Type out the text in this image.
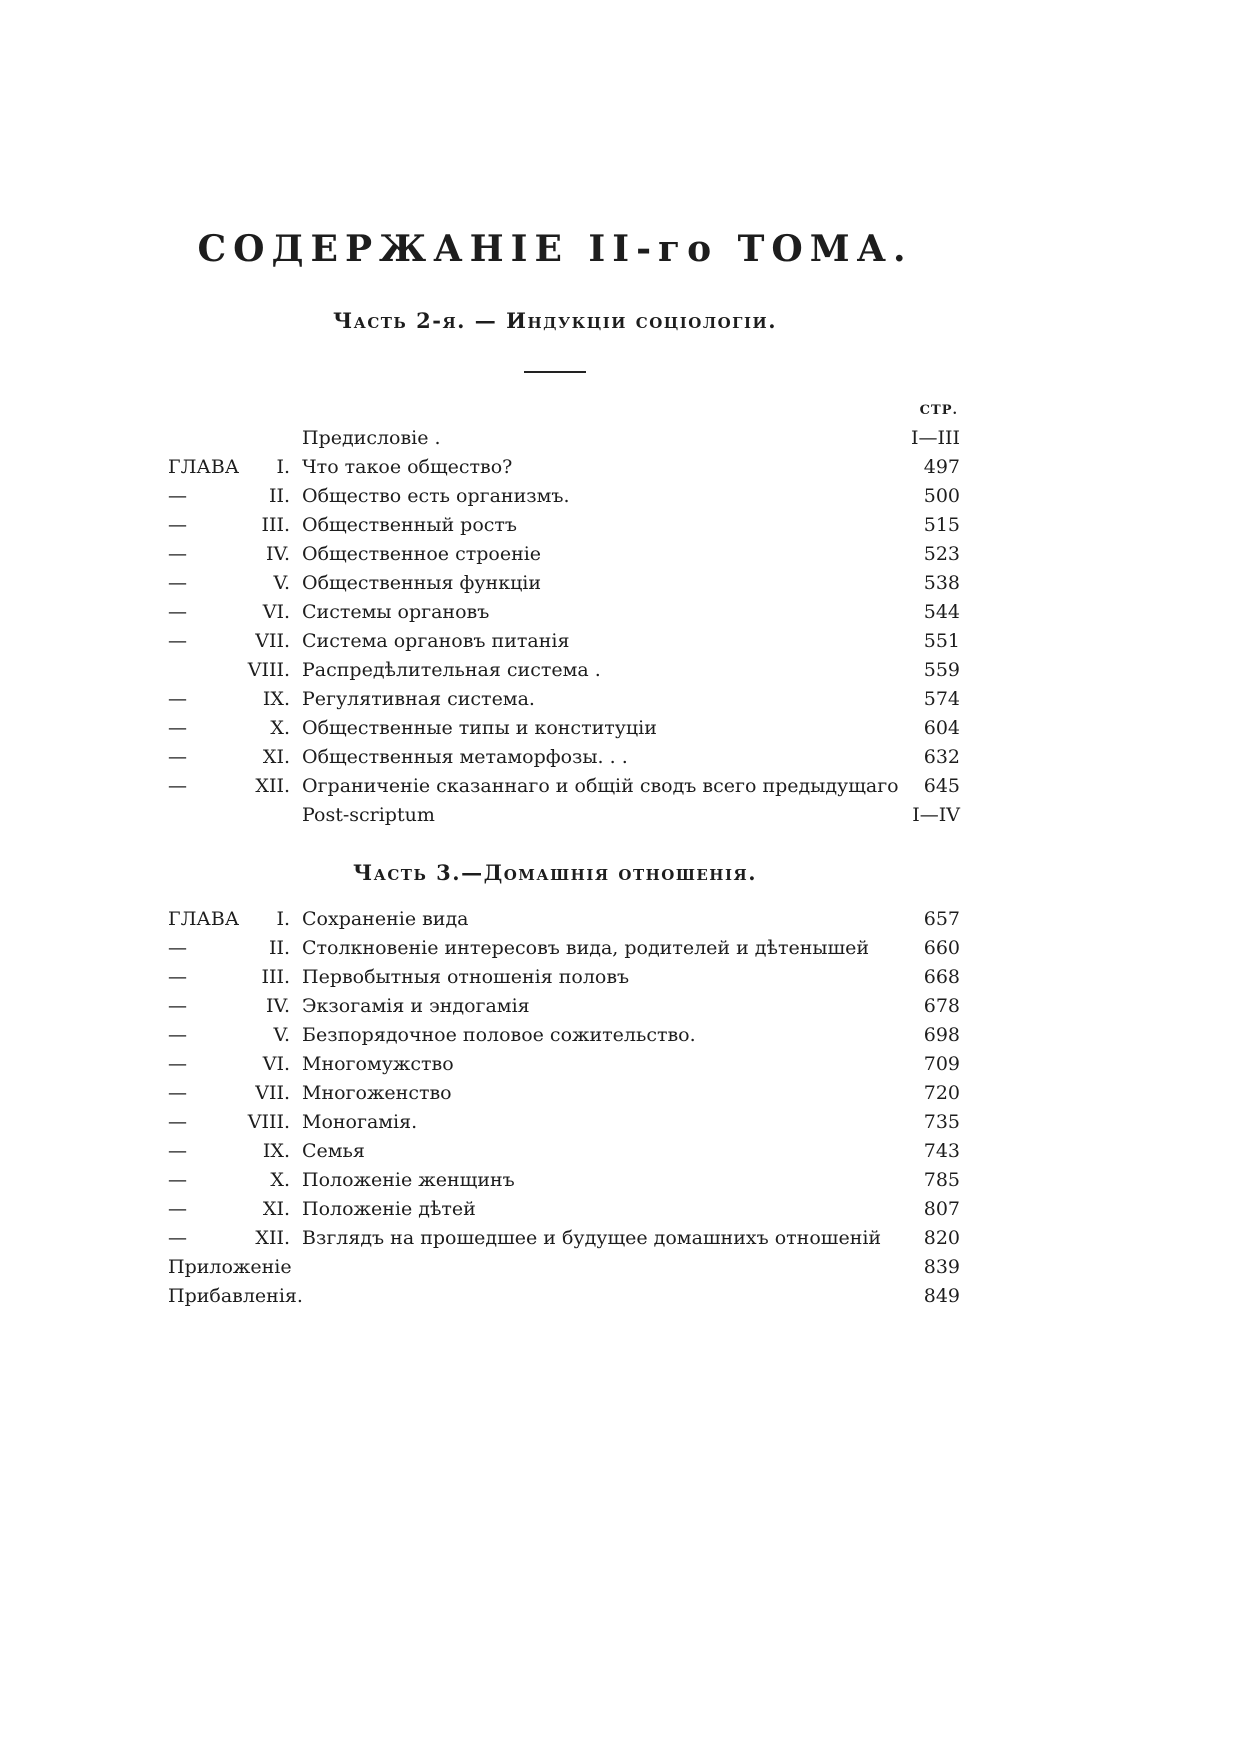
СОДЕРЖАНІЕ II-го ТОМА.
Часть 2-я. — Индукціи соціологіи.
СТР.
Предисловіе .	I—III
ГЛАВА	I. Что такое общество?	497
—	II. Общество есть организмъ.	500
—	III. Общественный ростъ	515
—	IV. Общественное строеніе	523
—	V. Общественныя функціи	538
—	VI. Системы органовъ	544
—	VII. Система органовъ питанія	551
VIII. Распредѣлительная система .	559
—	IX. Регулятивная система.	574
—	X. Общественные типы и конституціи	604
—	XI. Общественныя метаморфозы. . .	632
—	XII. Ограниченіе сказаннаго и общій сводъ всего предыдущаго	645
Post-scriptum	I—IV
Часть 3.—Домашнія отношенія.
ГЛАВА	I. Сохраненіе вида	657
—	II. Столкновеніе интересовъ вида, родителей и дѣтенышей	660
—	III. Первобытныя отношенія половъ	668
—	IV. Экзогамія и эндогамія	678
—	V. Безпорядочное половое сожительство.	698
—	VI. Многомужство	709
—	VII. Многоженство	720
—	VIII. Моногамія.	735
—	IX. Семья	743
—	X. Положеніе женщинъ	785
—	XI. Положеніе дѣтей	807
—	XII. Взглядъ на прошедшее и будущее домашнихъ отношеній	820
Приложеніе	839
Прибавленія.	849
